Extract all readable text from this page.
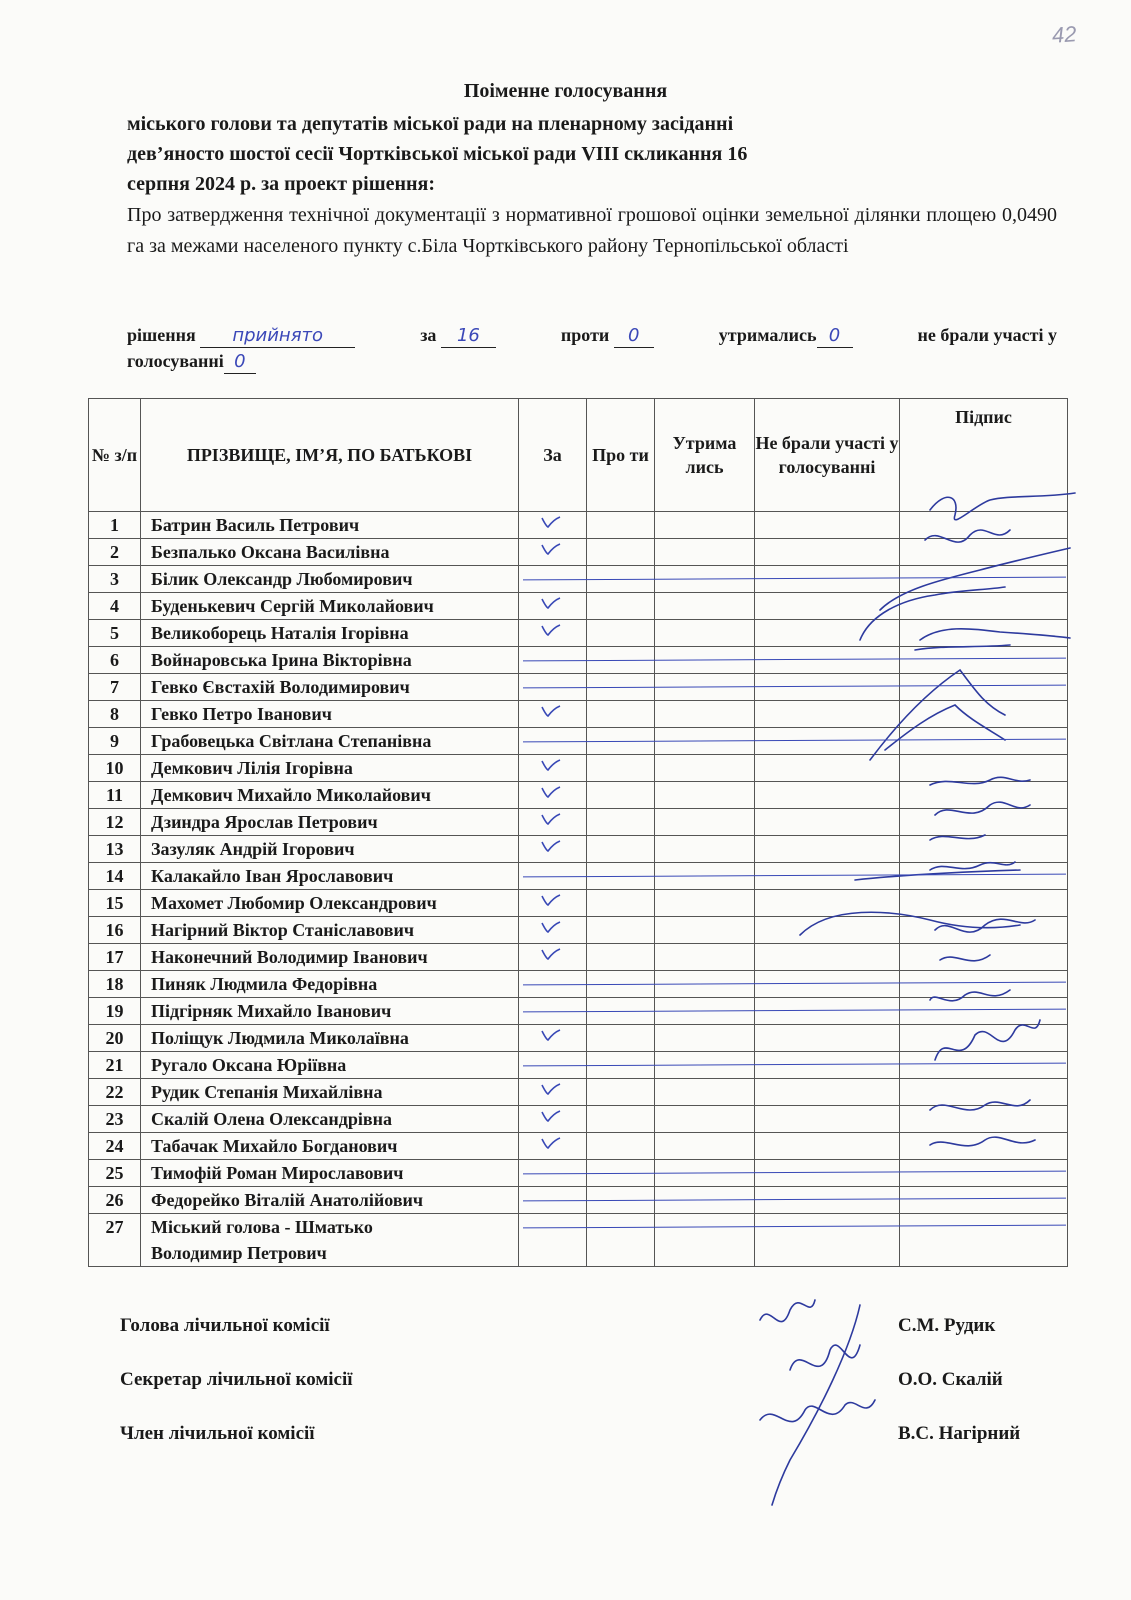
42
Поіменне голосування
міського голови та депутатів міської ради на пленарному засіданні
дев’яносто шостої сесії Чортківської міської ради VIII скликання 16
серпня 2024 р. за проект рішення:
Про затвердження технічної документації з нормативної грошової оцінки земельної ділянки площею 0,0490 га за межами населеного пункту с.Біла Чортківського району Тернопільської області
рішення прийнято	за 16	проти 0	утримались 0	не брали участі у
голосуванні 0
№ з/п	ПРІЗВИЩЕ, ІМ’Я, ПО БАТЬКОВІ	За	Про ти	Утрима лись	Не брали участі у голосуванні	Підпис
1	Батрин Василь Петрович	

2	Безпалько Оксана Василівна	

3	Білик Олександр Любомирович	

4	Буденькевич Сергій Миколайович	

5	Великоборець Наталія Ігорівна	

6	Войнаровська Ірина Вікторівна	

7	Гевко Євстахій Володимирович	

8	Гевко Петро Іванович	

9	Грабовецька Світлана Степанівна	

10	Демкович Лілія Ігорівна	

11	Демкович Михайло Миколайович	

12	Дзиндра Ярослав Петрович	

13	Зазуляк Андрій Ігорович	

14	Калакайло Іван Ярославович	

15	Махомет Любомир Олександрович	

16	Нагірний Віктор Станіславович	

17	Наконечний Володимир Іванович	

18	Пиняк Людмила Федорівна	

19	Підгірняк Михайло Іванович	

20	Поліщук Людмила Миколаївна	

21	Ругало Оксана Юріївна	

22	Рудик Степанія Михайлівна	

23	Скалій Олена Олександрівна	

24	Табачак Михайло Богданович	

25	Тимофій Роман Мирославович	

26	Федорейко Віталій Анатолійович	

27	Міський голова - Шматько
Володимир Петрович					

Голова лічильної комісії	С.М. Рудик
Секретар лічильної комісії	О.О. Скалій
Член лічильної комісії	В.С. Нагірний
